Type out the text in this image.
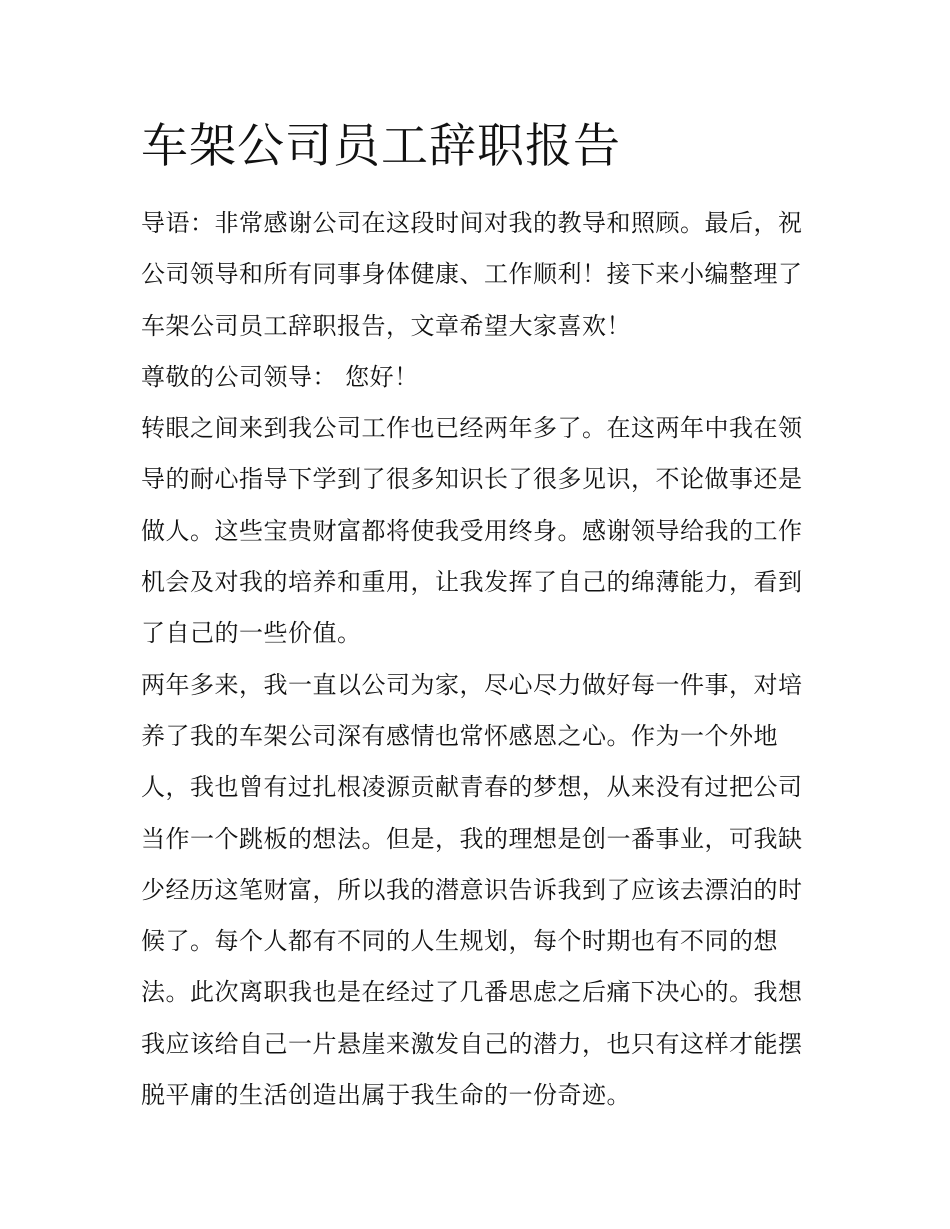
车架公司员工辞职报告
导语：非常感谢公司在这段时间对我的教导和照顾。最后，祝
公司领导和所有同事身体健康、工作顺利！接下来小编整理了
车架公司员工辞职报告，文章希望大家喜欢！
尊敬的公司领导： 您好！
转眼之间来到我公司工作也已经两年多了。在这两年中我在领
导的耐心指导下学到了很多知识长了很多见识，不论做事还是
做人。这些宝贵财富都将使我受用终身。感谢领导给我的工作
机会及对我的培养和重用，让我发挥了自己的绵薄能力，看到
了自己的一些价值。
两年多来，我一直以公司为家，尽心尽力做好每一件事，对培
养了我的车架公司深有感情也常怀感恩之心。作为一个外地
人，我也曾有过扎根凌源贡献青春的梦想，从来没有过把公司
当作一个跳板的想法。但是，我的理想是创一番事业，可我缺
少经历这笔财富，所以我的潜意识告诉我到了应该去漂泊的时
候了。每个人都有不同的人生规划，每个时期也有不同的想
法。此次离职我也是在经过了几番思虑之后痛下决心的。我想
我应该给自己一片悬崖来激发自己的潜力，也只有这样才能摆
脱平庸的生活创造出属于我生命的一份奇迹。
